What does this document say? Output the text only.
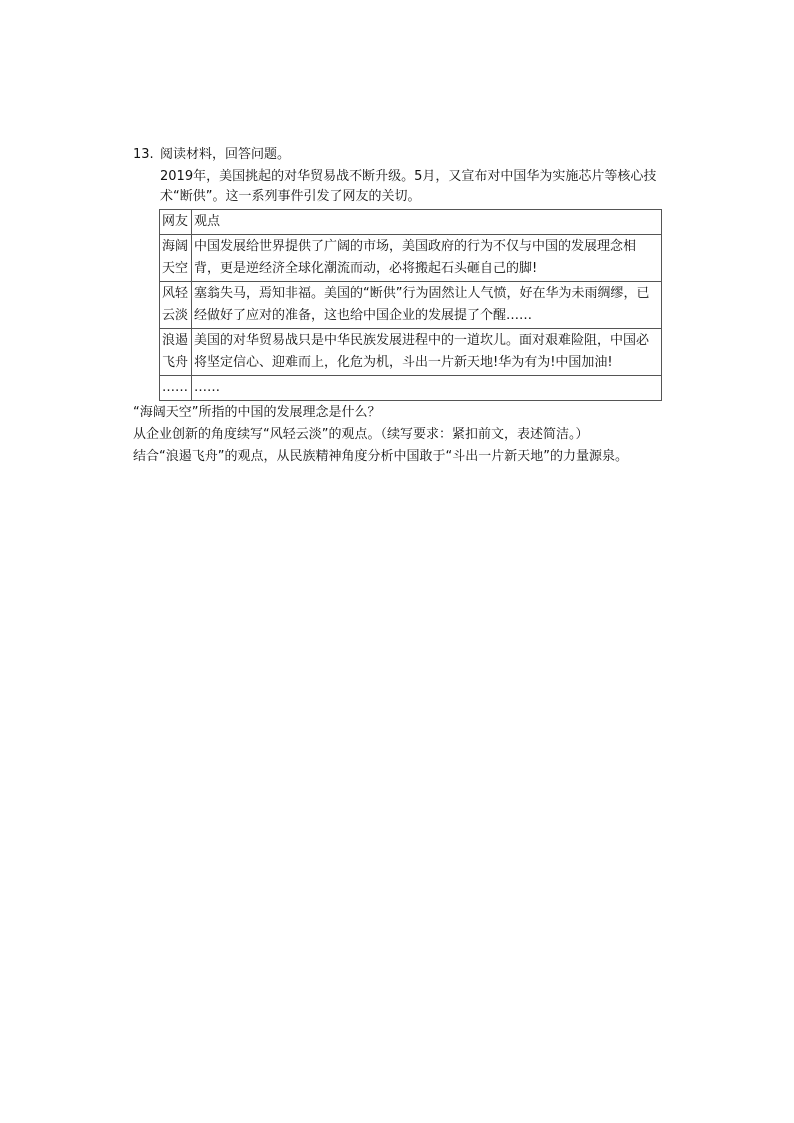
13. 阅读材料，回答问题。
2019年，美国挑起的对华贸易战不断升级。5月，又宣布对中国华为实施芯片等核心技术“断供”。这一系列事件引发了网友的关切。
网友	观点
海阔天空	中国发展给世界提供了广阔的市场，美国政府的行为不仅与中国的发展理念相背，更是逆经济全球化潮流而动，必将搬起石头砸自己的脚!
风轻云淡	塞翁失马，焉知非福。美国的“断供”行为固然让人气愤，好在华为未雨绸缪，已经做好了应对的准备，这也给中国企业的发展提了个醒……
浪遏飞舟	美国的对华贸易战只是中华民族发展进程中的一道坎儿。面对艰难险阻，中国必将坚定信心、迎难而上，化危为机，斗出一片新天地!华为有为!中国加油!
……	……
“海阔天空”所指的中国的发展理念是什么？
从企业创新的角度续写“风轻云淡”的观点。（续写要求：紧扣前文，表述简洁。）
结合“浪遏飞舟”的观点，从民族精神角度分析中国敢于“斗出一片新天地”的力量源泉。
